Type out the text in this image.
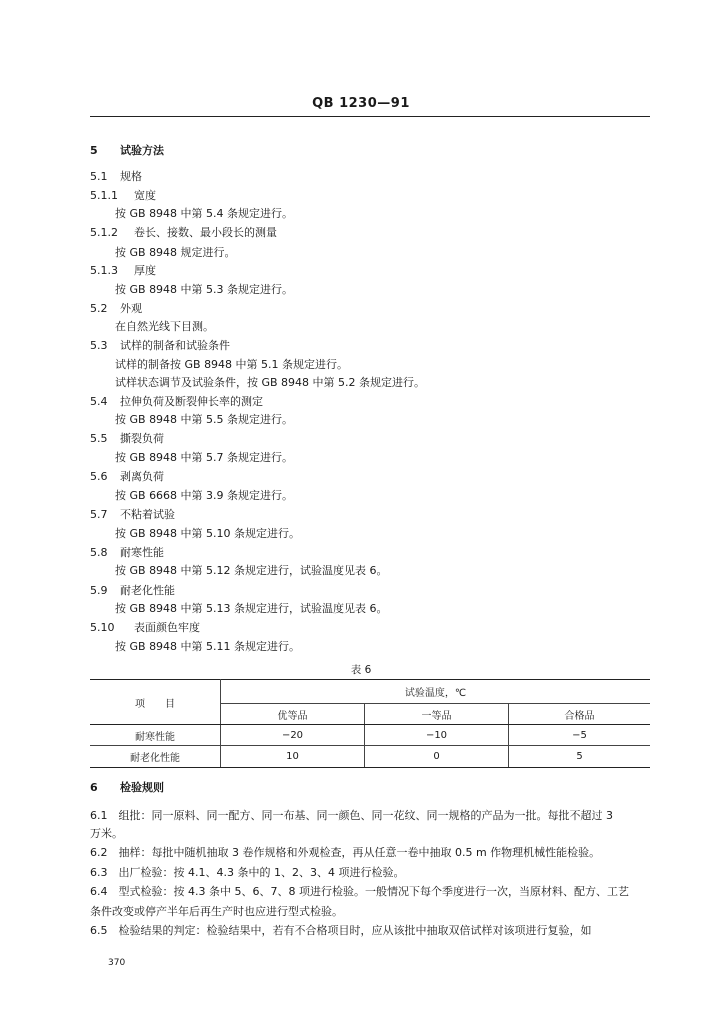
QB 1230—91
5 试验方法
5.1 规格
5.1.1 宽度
按 GB 8948 中第 5.4 条规定进行。
5.1.2 卷长、接数、最小段长的测量
按 GB 8948 规定进行。
5.1.3 厚度
按 GB 8948 中第 5.3 条规定进行。
5.2 外观
在自然光线下目测。
5.3 试样的制备和试验条件
试样的制备按 GB 8948 中第 5.1 条规定进行。
试样状态调节及试验条件，按 GB 8948 中第 5.2 条规定进行。
5.4 拉伸负荷及断裂伸长率的测定
按 GB 8948 中第 5.5 条规定进行。
5.5 撕裂负荷
按 GB 8948 中第 5.7 条规定进行。
5.6 剥离负荷
按 GB 6668 中第 3.9 条规定进行。
5.7 不粘着试验
按 GB 8948 中第 5.10 条规定进行。
5.8 耐寒性能
按 GB 8948 中第 5.12 条规定进行，试验温度见表 6。
5.9 耐老化性能
按 GB 8948 中第 5.13 条规定进行，试验温度见表 6。
5.10 表面颜色牢度
按 GB 8948 中第 5.11 条规定进行。
表 6
项　　目	试验温度，℃		
	优等品	一等品	合格品
耐寒性能	−20	−10	−5
耐老化性能	10	0	5
6 检验规则
6.1　组批：同一原料、同一配方、同一布基、同一颜色、同一花纹、同一规格的产品为一批。每批不超过 3
万米。
6.2　抽样：每批中随机抽取 3 卷作规格和外观检查，再从任意一卷中抽取 0.5 m 作物理机械性能检验。
6.3　出厂检验：按 4.1、4.3 条中的 1、2、3、4 项进行检验。
6.4　型式检验：按 4.3 条中 5、6、7、8 项进行检验。一般情况下每个季度进行一次，当原材料、配方、工艺
条件改变或停产半年后再生产时也应进行型式检验。
6.5　检验结果的判定：检验结果中，若有不合格项目时，应从该批中抽取双倍试样对该项进行复验，如
370
